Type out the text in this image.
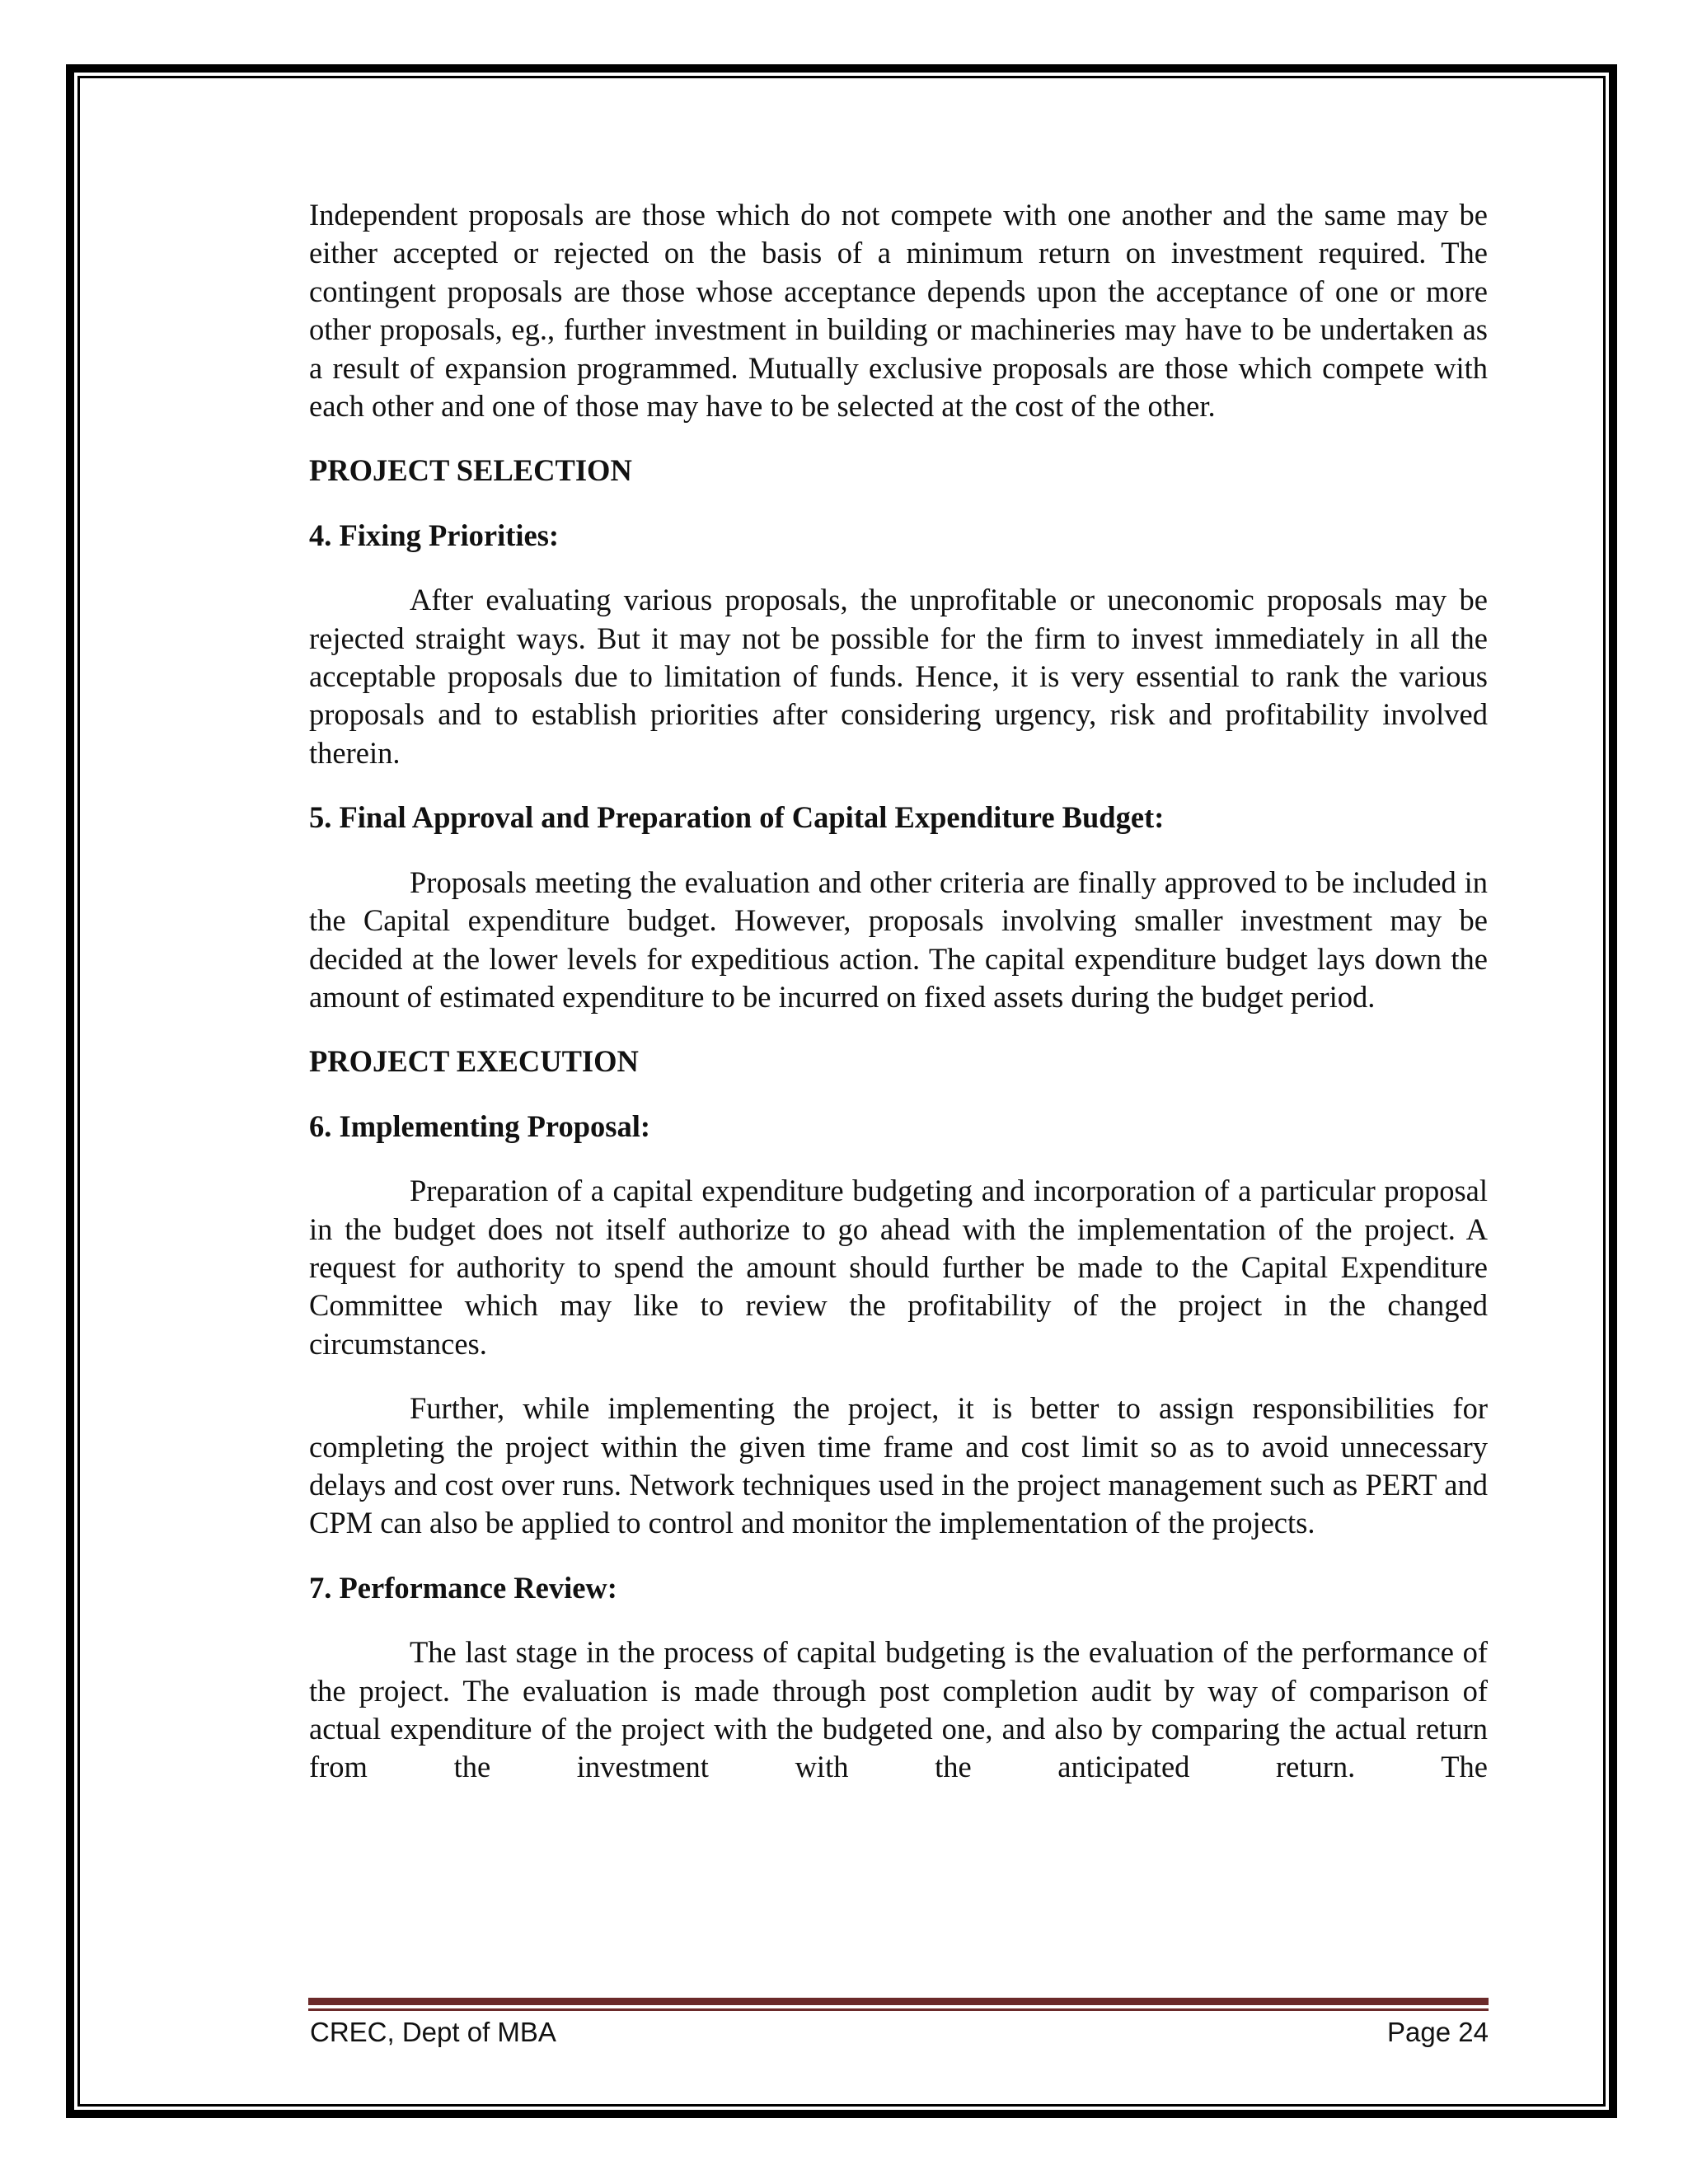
Independent proposals are those which do not compete with one another and the same may be either accepted or rejected on the basis of a minimum return on investment required. The contingent proposals are those whose acceptance depends upon the acceptance of one or more other proposals, eg., further investment in building or machineries may have to be undertaken as a result of expansion programmed. Mutually exclusive proposals are those which compete with each other and one of those may have to be selected at the cost of the other.

PROJECT SELECTION
4. Fixing Priorities:

After evaluating various proposals, the unprofitable or uneconomic proposals may be rejected straight ways. But it may not be possible for the firm to invest immediately in all the acceptable proposals due to limitation of funds. Hence, it is very essential to rank the various proposals and to establish priorities after considering urgency, risk and profitability involved therein.

5. Final Approval and Preparation of Capital Expenditure Budget:

Proposals meeting the evaluation and other criteria are finally approved to be included in the Capital expenditure budget. However, proposals involving smaller investment may be decided at the lower levels for expeditious action. The capital expenditure budget lays down the amount of estimated expenditure to be incurred on fixed assets during the budget period.

PROJECT EXECUTION
6. Implementing Proposal:

Preparation of a capital expenditure budgeting and incorporation of a particular proposal in the budget does not itself authorize to go ahead with the implementation of the project. A request for authority to spend the amount should further be made to the Capital Expenditure Committee which may like to review the profitability of the project in the changed circumstances.

Further, while implementing the project, it is better to assign responsibilities for completing the project within the given time frame and cost limit so as to avoid unnecessary delays and cost over runs. Network techniques used in the project management such as PERT and CPM can also be applied to control and monitor the implementation of the projects.

7. Performance Review:

The last stage in the process of capital budgeting is the evaluation of the performance of the project. The evaluation is made through post completion audit by way of comparison of actual expenditure of the project with the budgeted one, and also by comparing the actual return from the investment with the anticipated return. The

CREC, Dept of MBA	Page 24
